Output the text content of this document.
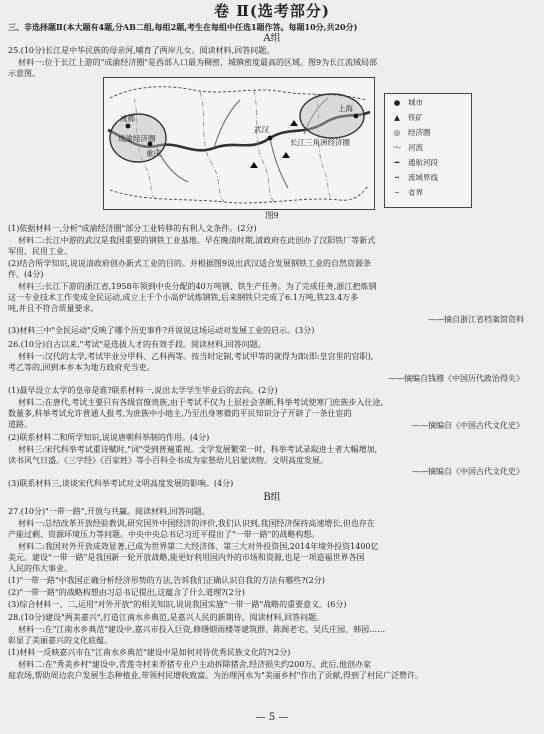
卷 Ⅱ(选考部分)
三、非选择题Ⅱ(本大题有4题,分AB二组,每组2题,考生在每组中任选1题作答。每题10分,共20分)
A组
25.(10分)长江是中华民族的母亲河,哺育了两岸儿女。阅读材料,回答问题。
材料一:位于长江上游的"成渝经济圈"是西部人口最为稠密、城镇密度最高的区域。图9为长江流域局部
示意图。
成都
成渝经济圈
重庆
武汉
上海
长江三角洲经济圈
● 城市
▲ 铁矿
◎ 经济圈
〰 河流
━ 通航河段
┅ 流域界线
╌ 省界
图9
(1)依据材料一,分析"成渝经济圈"部分工业转移的有利人文条件。(2分)
材料二:长江中游的武汉是我国重要的钢铁工业基地。早在晚清时期,清政府在此创办了汉阳铁厂等新式
军用、民用工业。
(2)结合所学知识,说说清政府创办新式工业的目的。并根据图9说出武汉适合发展钢铁工业的自然资源条
件。(4分)
材料三:长江下游的浙江省,1958年领到中央分配的40万吨钢、铁生产任务。为了完成任务,浙江把炼钢
这一专业技术工作变成全民运动,成立上千个小高炉试炼钢铁,后来钢铁只完成了6.1万吨,铁23.4万多
吨,并且不符合质量要求。
——摘自浙江省档案馆资料
(3)材料三中"全民运动"反映了哪个历史事件?并说说这场运动对发展工业的启示。(3分)
26.(10分)自古以来,"考试"是选拔人才的有效手段。阅读材料,回答问题。
材料一:汉代的太学,考试毕业分甲科、乙科两等。按当时定制,考试甲等的就得为郎(即:皇宫里的官职),
考乙等的,回到本乡本为地方政府充当吏。
——摘编自钱穆《中国历代政治得失》
(1)最早设立太学的皇帝是谁?联系材料一,说出太学学生毕业后的去向。(2分)
材料二:在唐代,考试主要只有各级官僚贵族,由于考试不仅为上层社会垄断,科举考试使寒门庶族步入仕途,
数量多,科举考试允许普通人报考,为庶族中小地主,乃至出身寒微的平民知识分子开辟了一条仕宦的
道路。	——摘编自《中国古代文化史》
(2)联系材料二和所学知识,说说唐朝科举制的作用。(4分)
材料三:宋代科举考试重诗赋时,"词"受到普遍重视。文学发展繁荣一时。科举考试录取进士者大幅增加,
读书风气日盛。《三字经》《百家姓》等小百科全书成为家塾幼儿启蒙读物。文明高度发展。
——摘编自《中国古代文化史》
(3)联系材料三,谈谈宋代科举考试对文明高度发展的影响。(4分)
B组
27.(10分)"一带一路",开放与共赢。阅读材料,回答问题。
材料一:总结改革开放经验教训,研究国外中国经济的评价,我们认识到,我国经济保持高速增长,但也存在
产能过剩、资源环境压力等问题。中央中央总书记习近平提出了"一带一路"的战略构想。
材料二:我国对外开放成效显著,已成为世界第二大经济体、第三大对外投资国,2014年境外投资1400亿
美元。建设"一带一路"是我国新一轮开放战略,能更好利用国内外的市场和资源,也是一项造福世界各国
人民的伟大事业。
(1)"一带一路"中我国正确分析经济形势的方法,告诉我们正确认识自我的方法有哪些?(2分)
(2)"一带一路"的战略构想由习总书记提出,这蕴含了什么道理?(2分)
(3)综合材料一、二,运用"对外开放"的相关知识,说说我国实施"一带一路"战略的重要意义。(6分)
28.(10分)建设"两美嘉兴",打造江南水乡典范,是嘉兴人民的新期待。阅读材料,回答问题。
材料一:在"江南水乡典范"建设中,嘉兴市投入巨资,修缮烟雨楼等建筑群、陈阁老宅、吴氏庄园、韩园……
彰显了美丽嘉兴的文化底蕴。
(1)材料一反映嘉兴市在"江南水乡典范"建设中是如何对待优秀民族文化的?(2分)
材料二:在"秀美乡村"建设中,青莲寺村来养猪专业户主动拆除猪舍,经济损失约200万。此后,他创办家
庭农场,帮助周边农户发展生态种植业,带领村民增收致富。为治理河水为"美丽乡村"作出了贡献,得到了村民广泛赞许。
— 5 —
